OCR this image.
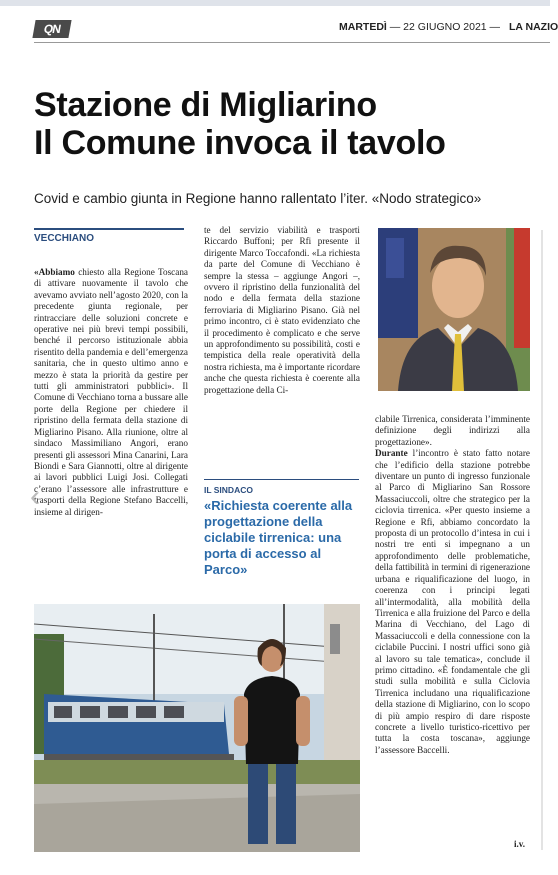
QN	MARTEDÌ — 22 GIUGNO 2021 — LA NAZIO
Stazione di Migliarino
Il Comune invoca il tavolo
Covid e cambio giunta in Regione hanno rallentato l’iter. «Nodo strategico»
VECCHIANO

«Abbiamo chiesto alla Regione Toscana di attivare nuovamente il tavolo che avevamo avviato nell’agosto 2020, con la precedente giunta regionale, per rintracciare delle soluzioni concrete e operative nei più brevi tempi possibili, benché il percorso istituzionale abbia risentito della pandemia e dell’emergenza sanitaria, che in questo ultimo anno e mezzo è stata la priorità da gestire per tutti gli amministratori pubblici». Il Comune di Vecchiano torna a bussare alle porte della Regione per chiedere il ripristino della fermata della stazione di Migliarino Pisano. Alla riunione, oltre al sindaco Massimiliano Angori, erano presenti gli assessori Mina Canarini, Lara Biondi e Sara Giannotti, oltre al dirigente ai lavori pubblici Luigi Josi. Collegati c’erano l’assessore alle infrastrutture e trasporti della Regione Stefano Baccelli, insieme al dirigen-

te del servizio viabilità e trasporti Riccardo Buffoni; per Rfi presente il dirigente Marco Toccafondi. «La richiesta da parte del Comune di Vecchiano è sempre la stessa – aggiunge Angori –, ovvero il ripristino della funzionalità del nodo e della fermata della stazione ferroviaria di Migliarino Pisano. Già nel primo incontro, ci è stato evidenziato che il procedimento è complicato e che serve un approfondimento su possibilità, costi e tempistica della reale operatività della nostra richiesta, ma è importante ricordare anche che questa richiesta è coerente alla progettazione della Ci-

IL SINDACO
«Richiesta coerente alla progettazione della ciclabile tirrenica: una porta di accesso al Parco»

clabile Tirrenica, considerata l’imminente definizione degli indirizzi alla progettazione».

Durante l’incontro è stato fatto notare che l’edificio della stazione potrebbe diventare un punto di ingresso funzionale al Parco di Migliarino San Rossore Massaciuccoli, oltre che strategico per la ciclovia tirrenica. «Per questo insieme a Regione e Rfi, abbiamo concordato la proposta di un protocollo d’intesa in cui i nostri tre enti si impegnano a un approfondimento delle problematiche, della fattibilità in termini di rigenerazione urbana e riqualificazione del luogo, in coerenza con i principi legati all’intermodalità, alla mobilità della Tirrenica e alla fruizione del Parco e della Marina di Vecchiano, del Lago di Massaciuccoli e della connessione con la ciclabile Puccini. I nostri uffici sono già al lavoro su tale tematica», conclude il primo cittadino. «È fondamentale che gli studi sulla mobilità e sulla Ciclovia Tirrenica includano una riqualificazione della stazione di Migliarino, con lo scopo di più ampio respiro di dare risposte concrete a livello turistico-ricettivo per tutta la costa toscana», aggiunge l’assessore Baccelli.

i.v.
‹
